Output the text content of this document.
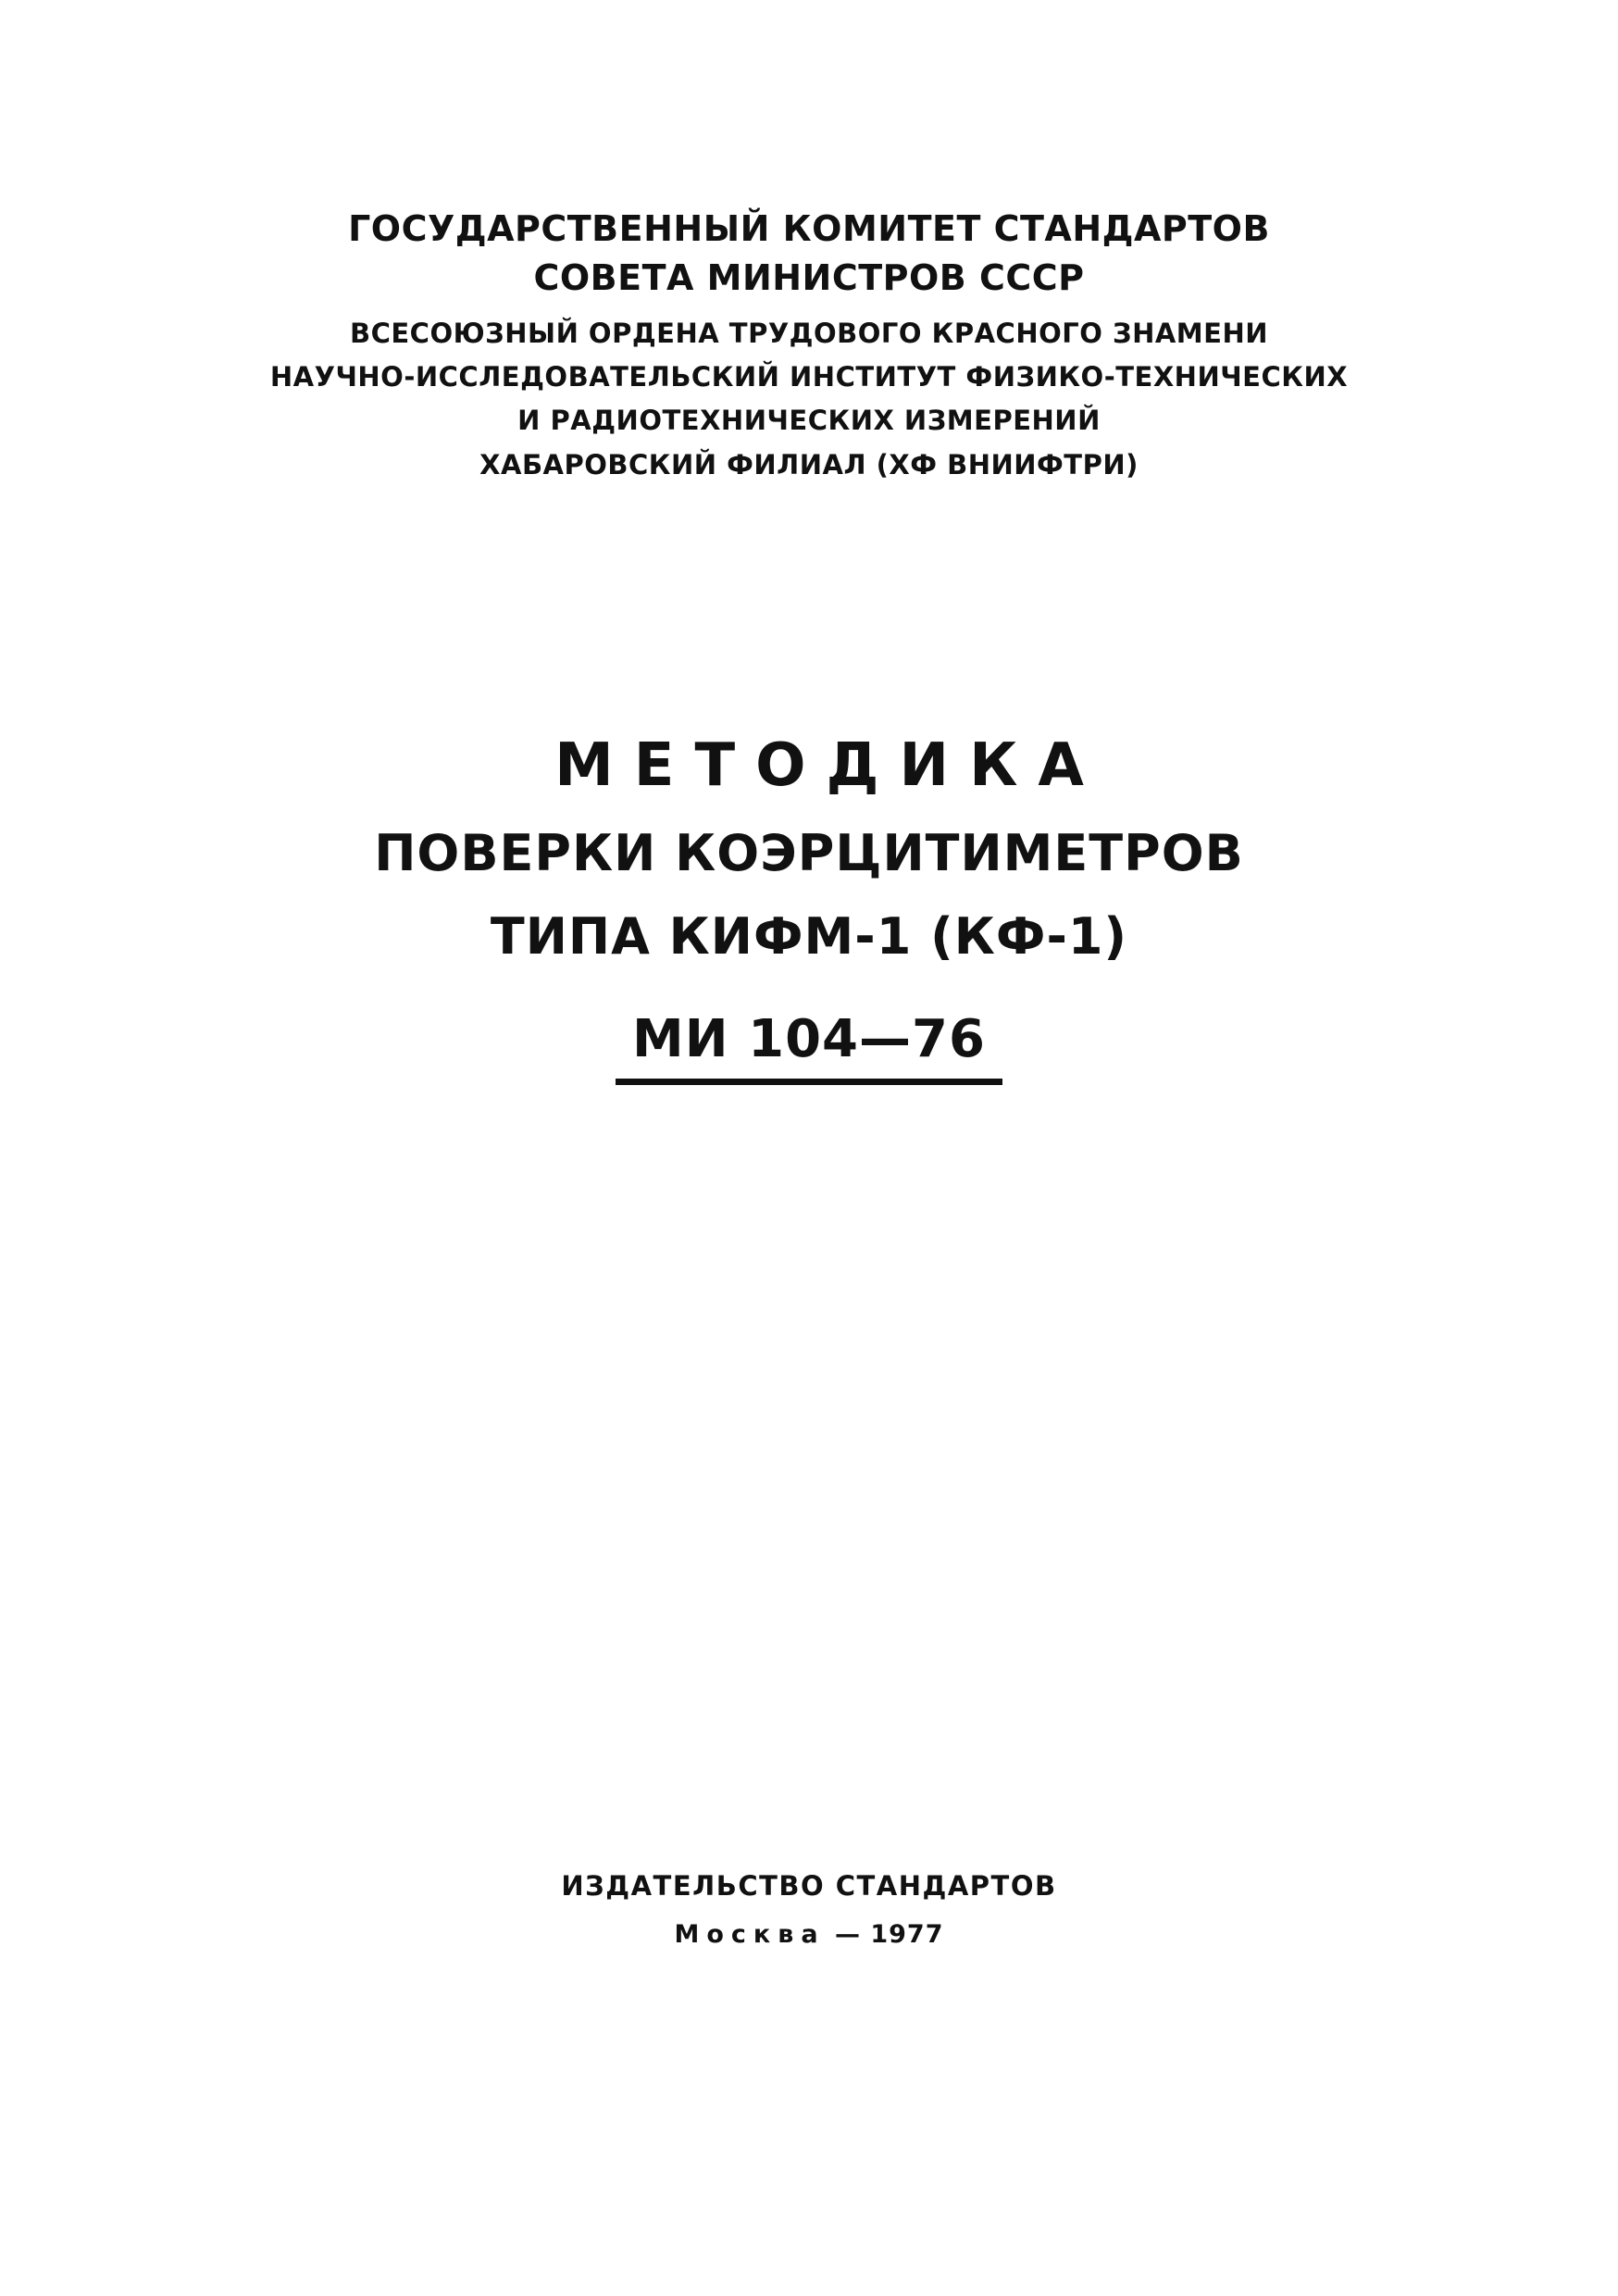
ГОСУДАРСТВЕННЫЙ КОМИТЕТ СТАНДАРТОВ
СОВЕТА МИНИСТРОВ СССР
ВСЕСОЮЗНЫЙ ОРДЕНА ТРУДОВОГО КРАСНОГО ЗНАМЕНИ
НАУЧНО-ИССЛЕДОВАТЕЛЬСКИЙ ИНСТИТУТ ФИЗИКО-ТЕХНИЧЕСКИХ
И РАДИОТЕХНИЧЕСКИХ ИЗМЕРЕНИЙ
ХАБАРОВСКИЙ ФИЛИАЛ (ХФ ВНИИФТРИ)
МЕТОДИКА
ПОВЕРКИ КОЭРЦИТИМЕТРОВ
ТИПА КИФМ-1 (КФ-1)
МИ 104—76
ИЗДАТЕЛЬСТВО СТАНДАРТОВ
Москва — 1977
